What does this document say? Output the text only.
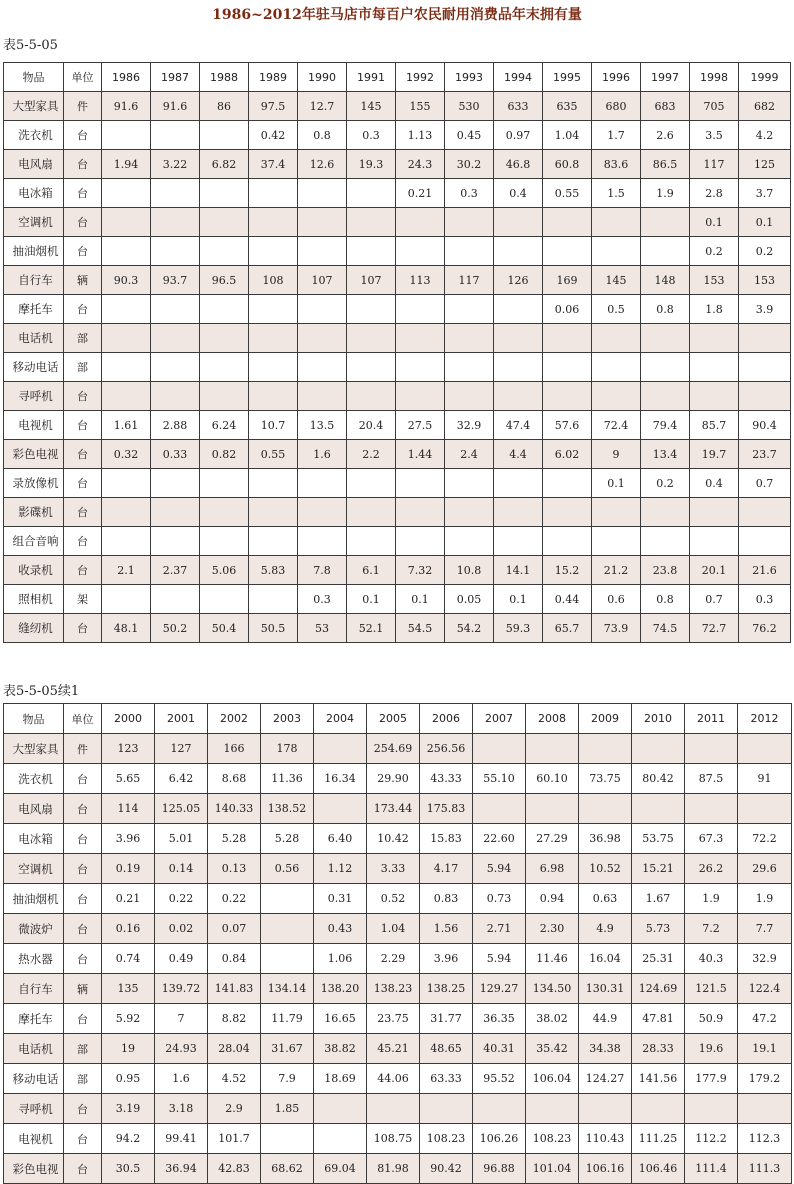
1986~2012年驻马店市每百户农民耐用消费品年末拥有量
表5-5-05
物品	单位	1986	1987	1988	1989	1990	1991	1992	1993	1994	1995	1996	1997	1998	1999
大型家具	件	91.6	91.6	86	97.5	12.7	145	155	530	633	635	680	683	705	682
洗衣机	台				0.42	0.8	0.3	1.13	0.45	0.97	1.04	1.7	2.6	3.5	4.2
电风扇	台	1.94	3.22	6.82	37.4	12.6	19.3	24.3	30.2	46.8	60.8	83.6	86.5	117	125
电冰箱	台							0.21	0.3	0.4	0.55	1.5	1.9	2.8	3.7
空调机	台													0.1	0.1
抽油烟机	台													0.2	0.2
自行车	辆	90.3	93.7	96.5	108	107	107	113	117	126	169	145	148	153	153
摩托车	台										0.06	0.5	0.8	1.8	3.9
电话机	部														
移动电话	部														
寻呼机	台														
电视机	台	1.61	2.88	6.24	10.7	13.5	20.4	27.5	32.9	47.4	57.6	72.4	79.4	85.7	90.4
彩色电视	台	0.32	0.33	0.82	0.55	1.6	2.2	1.44	2.4	4.4	6.02	9	13.4	19.7	23.7
录放像机	台											0.1	0.2	0.4	0.7
影碟机	台														
组合音响	台														
收录机	台	2.1	2.37	5.06	5.83	7.8	6.1	7.32	10.8	14.1	15.2	21.2	23.8	20.1	21.6
照相机	架					0.3	0.1	0.1	0.05	0.1	0.44	0.6	0.8	0.7	0.3
缝纫机	台	48.1	50.2	50.4	50.5	53	52.1	54.5	54.2	59.3	65.7	73.9	74.5	72.7	76.2
表5-5-05续1
物品	单位	2000	2001	2002	2003	2004	2005	2006	2007	2008	2009	2010	2011	2012
大型家具	件	123	127	166	178		254.69	256.56						
洗衣机	台	5.65	6.42	8.68	11.36	16.34	29.90	43.33	55.10	60.10	73.75	80.42	87.5	91
电风扇	台	114	125.05	140.33	138.52		173.44	175.83						
电冰箱	台	3.96	5.01	5.28	5.28	6.40	10.42	15.83	22.60	27.29	36.98	53.75	67.3	72.2
空调机	台	0.19	0.14	0.13	0.56	1.12	3.33	4.17	5.94	6.98	10.52	15.21	26.2	29.6
抽油烟机	台	0.21	0.22	0.22		0.31	0.52	0.83	0.73	0.94	0.63	1.67	1.9	1.9
微波炉	台	0.16	0.02	0.07		0.43	1.04	1.56	2.71	2.30	4.9	5.73	7.2	7.7
热水器	台	0.74	0.49	0.84		1.06	2.29	3.96	5.94	11.46	16.04	25.31	40.3	32.9
自行车	辆	135	139.72	141.83	134.14	138.20	138.23	138.25	129.27	134.50	130.31	124.69	121.5	122.4
摩托车	台	5.92	7	8.82	11.79	16.65	23.75	31.77	36.35	38.02	44.9	47.81	50.9	47.2
电话机	部	19	24.93	28.04	31.67	38.82	45.21	48.65	40.31	35.42	34.38	28.33	19.6	19.1
移动电话	部	0.95	1.6	4.52	7.9	18.69	44.06	63.33	95.52	106.04	124.27	141.56	177.9	179.2
寻呼机	台	3.19	3.18	2.9	1.85									
电视机	台	94.2	99.41	101.7			108.75	108.23	106.26	108.23	110.43	111.25	112.2	112.3
彩色电视	台	30.5	36.94	42.83	68.62	69.04	81.98	90.42	96.88	101.04	106.16	106.46	111.4	111.3
